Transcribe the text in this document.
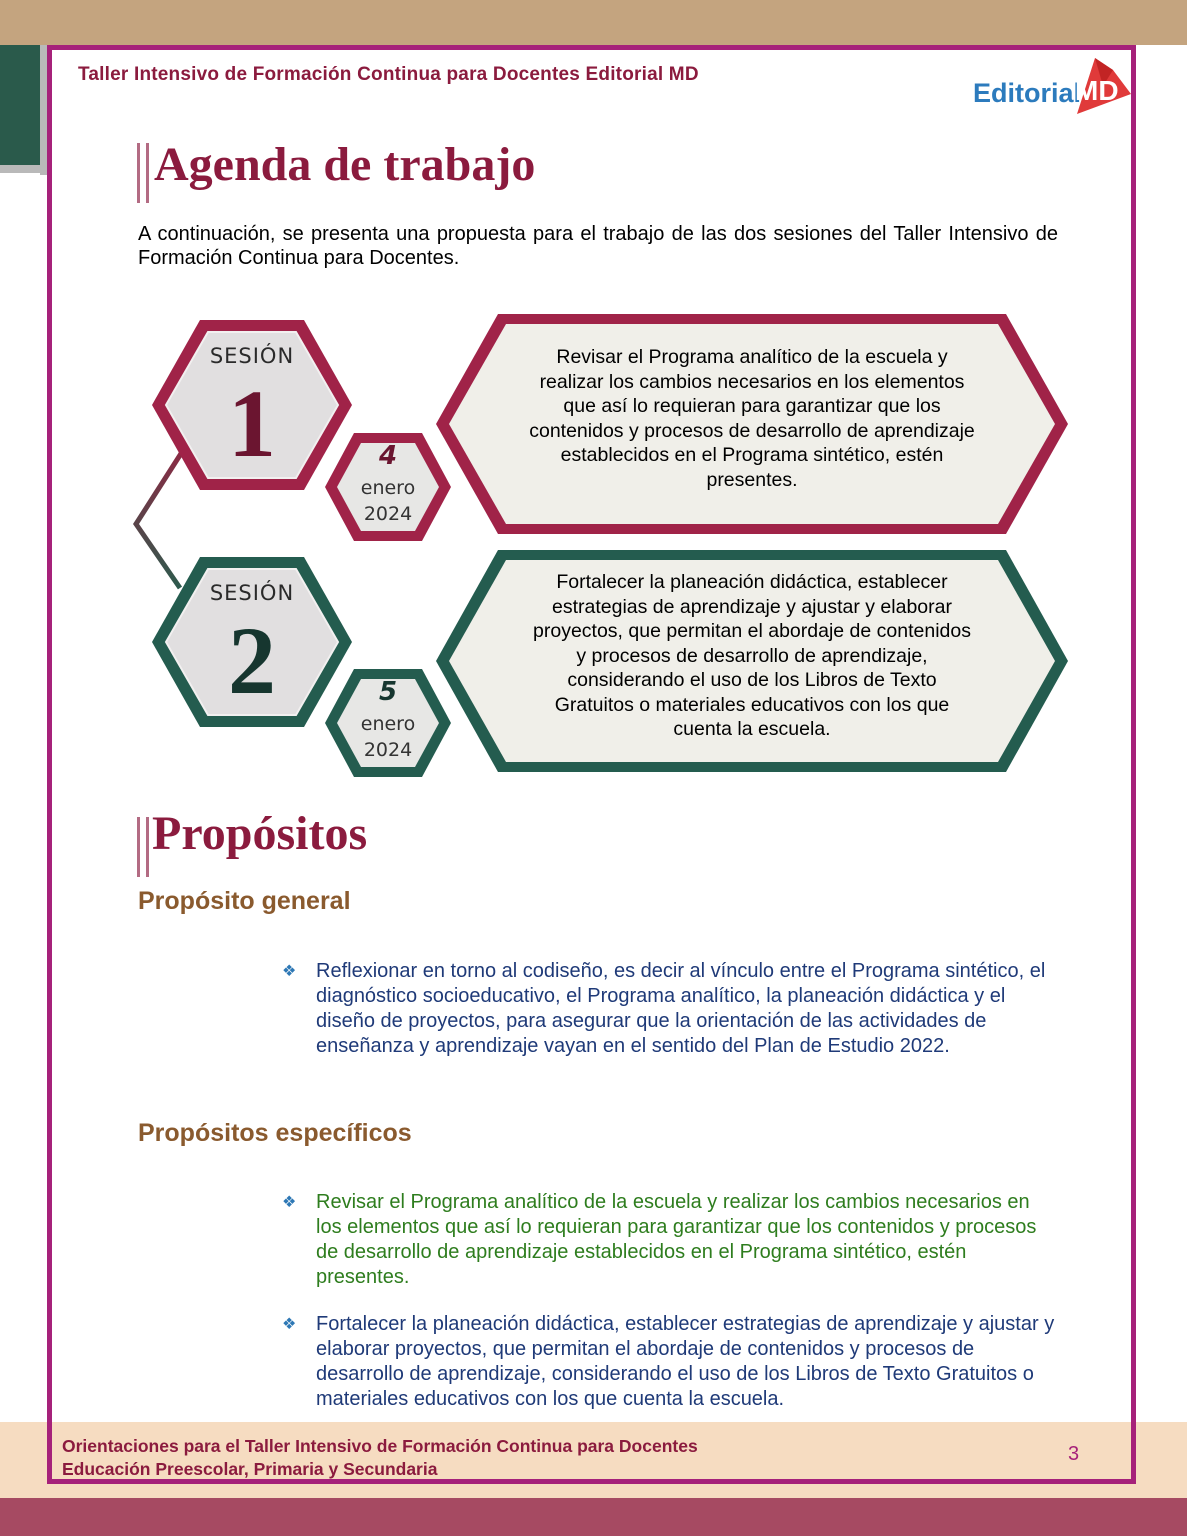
Taller Intensivo de Formación Continua para Docentes Editorial MD
Editorial
MD
Agenda de trabajo
A continuación, se presenta una propuesta para el trabajo de las dos sesiones del Taller Intensivo de Formación Continua para Docentes.
SESIÓN
1	4
enero
2024
Revisar el Programa analítico de la escuela y
realizar los cambios necesarios en los elementos
que así lo requieran para garantizar que los
contenidos y procesos de desarrollo de aprendizaje
establecidos en el Programa sintético, estén
presentes.
SESIÓN
2	5
enero
2024
Fortalecer la planeación didáctica, establecer
estrategias de aprendizaje y ajustar y elaborar
proyectos, que permitan el abordaje de contenidos
y procesos de desarrollo de aprendizaje,
considerando el uso de los Libros de Texto
Gratuitos o materiales educativos con los que
cuenta la escuela.
Propósitos
Propósito general
❖ Reflexionar en torno al codiseño, es decir al vínculo entre el Programa sintético, el diagnóstico socioeducativo, el Programa analítico, la planeación didáctica y el diseño de proyectos, para asegurar que la orientación de las actividades de enseñanza y aprendizaje vayan en el sentido del Plan de Estudio 2022.
Propósitos específicos
❖ Revisar el Programa analítico de la escuela y realizar los cambios necesarios en los elementos que así lo requieran para garantizar que los contenidos y procesos de desarrollo de aprendizaje establecidos en el Programa sintético, estén presentes.
❖ Fortalecer la planeación didáctica, establecer estrategias de aprendizaje y ajustar y elaborar proyectos, que permitan el abordaje de contenidos y procesos de desarrollo de aprendizaje, considerando el uso de los Libros de Texto Gratuitos o materiales educativos con los que cuenta la escuela.
Orientaciones para el Taller Intensivo de Formación Continua para Docentes
Educación Preescolar, Primaria y Secundaria
3
